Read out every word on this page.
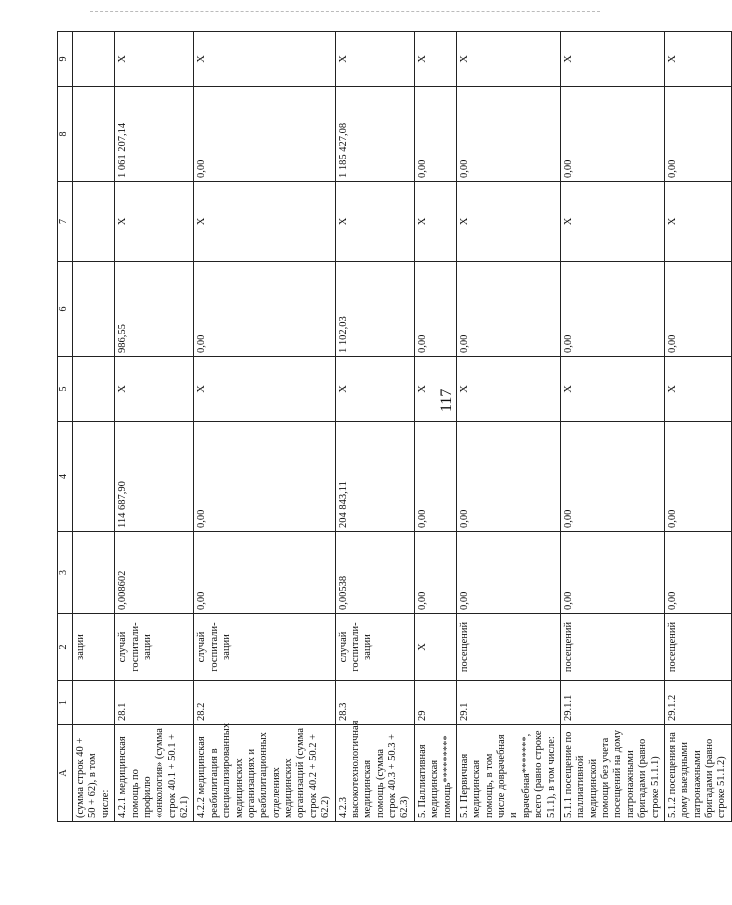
117
A	1	2	3	4	5	6	7	8	9
(сумма строк 40 + 50 + 62), в том числе:		зации							
4.2.1 медицинская помощь по профилю «онкология» (сумма строк 40.1 + 50.1 + 62.1)	28.1	случай госпитали-зации	0,008602	114 687,90	X	986,55	X	1 061 207,14	X
4.2.2 медицинская реабилитация в специализированных медицинских организациях и реабилитационных отделениях медицинских организаций (сумма строк 40.2 + 50.2 + 62.2)	28.2	случай госпитали-зации	0,00	0,00	X	0,00	X	0,00	X
4.2.3 высокотехнологичная медицинская помощь (сумма строк 40.3 + 50.3 + 62.3)	28.3	случай госпитали-зации	0,00538	204 843,11	X	1 102,03	X	1 185 427,08	X
5. Паллиативная медицинская помощь*********	29	X	0,00	0,00	X	0,00	X	0,00	X
5.1 Первичная медицинская помощь, в том числе доврачебная и врачебная*******, всего (равно строке 51.1), в том числе:	29.1	посещений	0,00	0,00	X	0,00	X	0,00	X
5.1.1 посещение по паллиативной медицинской помощи без учета посещений на дому патронажными бригадами (равно строке 51.1.1)	29.1.1	посещений	0,00	0,00	X	0,00	X	0,00	X
5.1.2 посещения на дому выездными патронажными бригадами (равно строке 51.1.2)	29.1.2	посещений	0,00	0,00	X	0,00	X	0,00	X
